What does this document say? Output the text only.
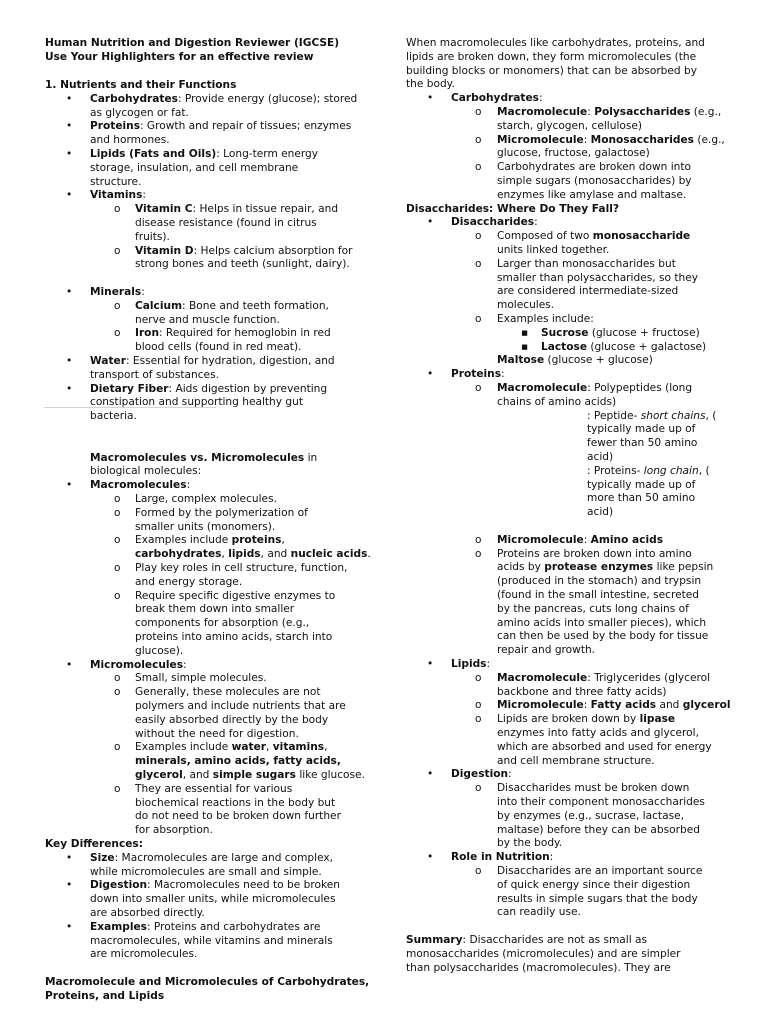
Human Nutrition and Digestion Reviewer (IGCSE)
Use Your Highlighters for an effective review
1. Nutrients and their Functions
• Carbohydrates: Provide energy (glucose); stored
as glycogen or fat.
• Proteins: Growth and repair of tissues; enzymes
and hormones.
• Lipids (Fats and Oils): Long-term energy
storage, insulation, and cell membrane
structure.
• Vitamins:
o Vitamin C: Helps in tissue repair, and
disease resistance (found in citrus
fruits).
o Vitamin D: Helps calcium absorption for
strong bones and teeth (sunlight, dairy).
• Minerals:
o Calcium: Bone and teeth formation,
nerve and muscle function.
o Iron: Required for hemoglobin in red
blood cells (found in red meat).
• Water: Essential for hydration, digestion, and
transport of substances.
• Dietary Fiber: Aids digestion by preventing
constipation and supporting healthy gut
bacteria.
Macromolecules vs. Micromolecules in
biological molecules:
• Macromolecules:
o Large, complex molecules.
o Formed by the polymerization of
smaller units (monomers).
o Examples include proteins,
carbohydrates, lipids, and nucleic acids.
o Play key roles in cell structure, function,
and energy storage.
o Require specific digestive enzymes to
break them down into smaller
components for absorption (e.g.,
proteins into amino acids, starch into
glucose).
• Micromolecules:
o Small, simple molecules.
o Generally, these molecules are not
polymers and include nutrients that are
easily absorbed directly by the body
without the need for digestion.
o Examples include water, vitamins,
minerals, amino acids, fatty acids,
glycerol, and simple sugars like glucose.
o They are essential for various
biochemical reactions in the body but
do not need to be broken down further
for absorption.
Key Differences:
• Size: Macromolecules are large and complex,
while micromolecules are small and simple.
• Digestion: Macromolecules need to be broken
down into smaller units, while micromolecules
are absorbed directly.
• Examples: Proteins and carbohydrates are
macromolecules, while vitamins and minerals
are micromolecules.
Macromolecule and Micromolecules of Carbohydrates,
Proteins, and Lipids
When macromolecules like carbohydrates, proteins, and
lipids are broken down, they form micromolecules (the
building blocks or monomers) that can be absorbed by
the body.
• Carbohydrates:
o Macromolecule: Polysaccharides (e.g.,
starch, glycogen, cellulose)
o Micromolecule: Monosaccharides (e.g.,
glucose, fructose, galactose)
o Carbohydrates are broken down into
simple sugars (monosaccharides) by
enzymes like amylase and maltase.
Disaccharides: Where Do They Fall?
• Disaccharides:
o Composed of two monosaccharide
units linked together.
o Larger than monosaccharides but
smaller than polysaccharides, so they
are considered intermediate-sized
molecules.
o Examples include:
▪ Sucrose (glucose + fructose)
▪ Lactose (glucose + galactose)
Maltose (glucose + glucose)
• Proteins:
o Macromolecule: Polypeptides (long
chains of amino acids)
: Peptide- short chains, (
typically made up of
fewer than 50 amino
acid)
: Proteins- long chain, (
typically made up of
more than 50 amino
acid)
o Micromolecule: Amino acids
o Proteins are broken down into amino
acids by protease enzymes like pepsin
(produced in the stomach) and trypsin
(found in the small intestine, secreted
by the pancreas, cuts long chains of
amino acids into smaller pieces), which
can then be used by the body for tissue
repair and growth.
• Lipids:
o Macromolecule: Triglycerides (glycerol
backbone and three fatty acids)
o Micromolecule: Fatty acids and glycerol
o Lipids are broken down by lipase
enzymes into fatty acids and glycerol,
which are absorbed and used for energy
and cell membrane structure.
• Digestion:
o Disaccharides must be broken down
into their component monosaccharides
by enzymes (e.g., sucrase, lactase,
maltase) before they can be absorbed
by the body.
• Role in Nutrition:
o Disaccharides are an important source
of quick energy since their digestion
results in simple sugars that the body
can readily use.
Summary: Disaccharides are not as small as
monosaccharides (micromolecules) and are simpler
than polysaccharides (macromolecules). They are
